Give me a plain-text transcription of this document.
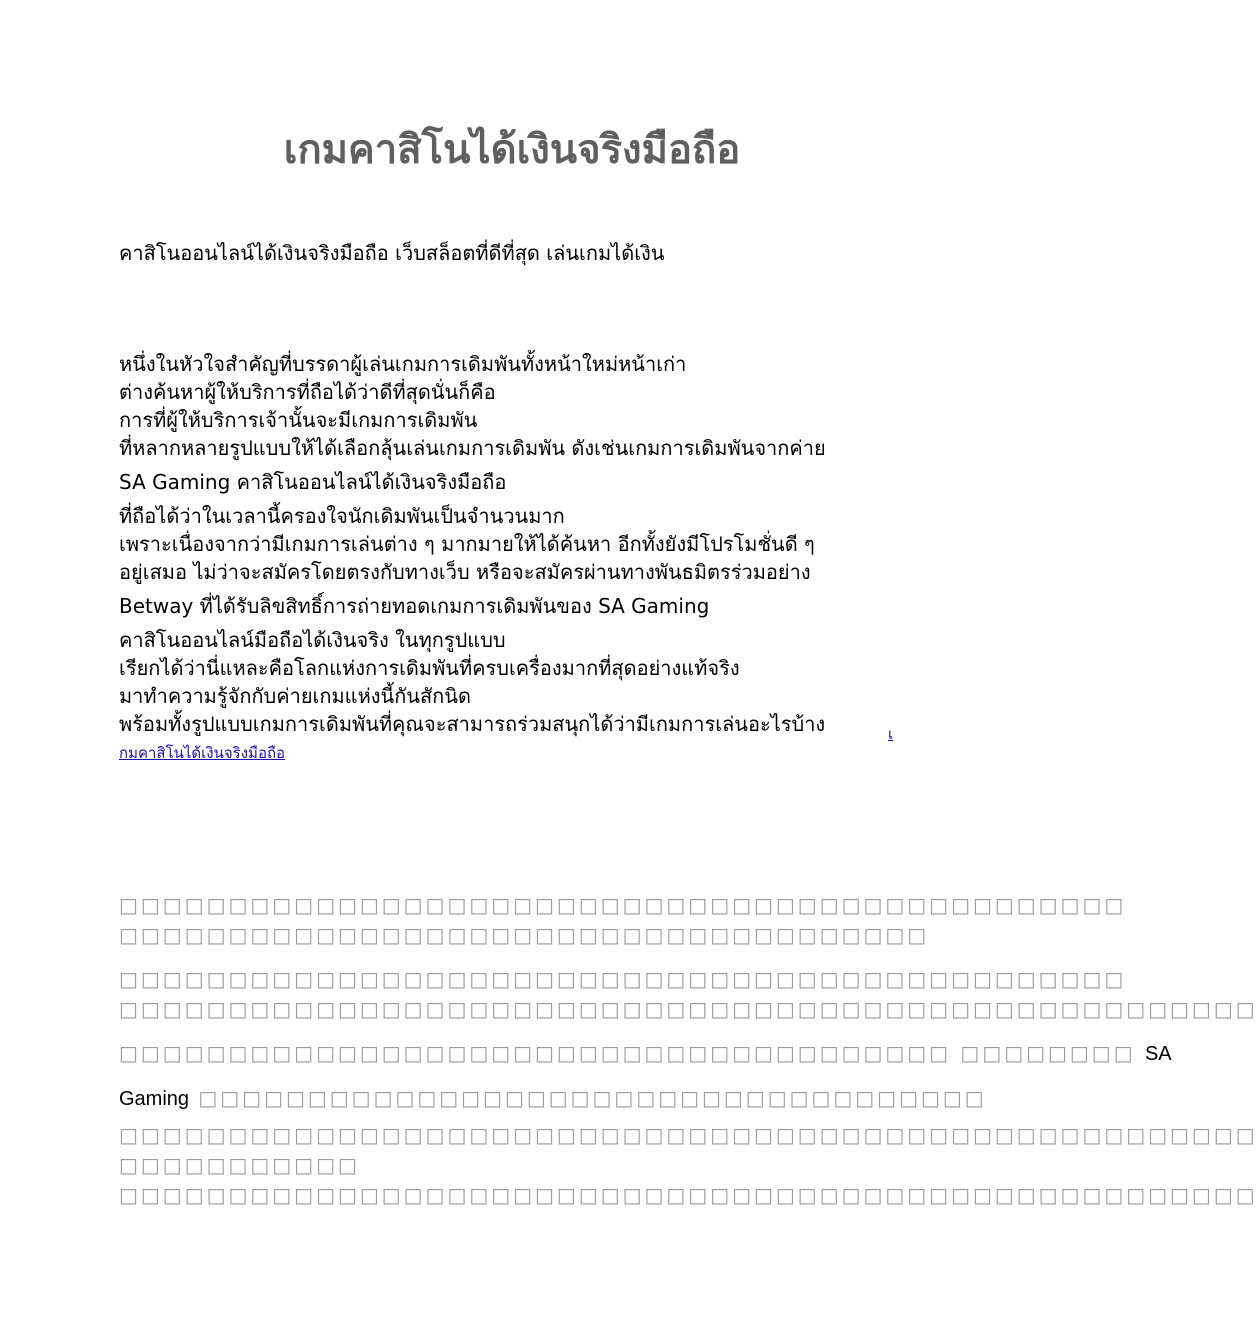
เกมคาสิโนได้เงินจริงมือถือ

คาสิโนออนไลน์ได้เงินจริงมือถือ เว็บสล็อตที่ดีที่สุด เล่นเกมได้เงิน

หนึ่งในหัวใจสำคัญที่บรรดาผู้เล่นเกมการเดิมพันทั้งหน้าใหม่หน้าเก่า
ต่างค้นหาผู้ให้บริการที่ถือได้ว่าดีที่สุดนั่นก็คือ
การที่ผู้ให้บริการเจ้านั้นจะมีเกมการเดิมพัน
ที่หลากหลายรูปแบบให้ได้เลือกลุ้นเล่นเกมการเดิมพัน ดังเช่นเกมการเดิมพันจากค่าย
SA Gaming คาสิโนออนไลน์ได้เงินจริงมือถือ
ที่ถือได้ว่าในเวลานี้ครองใจนักเดิมพันเป็นจำนวนมาก
เพราะเนื่องจากว่ามีเกมการเล่นต่าง ๆ มากมายให้ได้ค้นหา อีกทั้งยังมีโปรโมชั่นดี ๆ
อยู่เสมอ ไม่ว่าจะสมัครโดยตรงกับทางเว็บ หรือจะสมัครผ่านทางพันธมิตรร่วมอย่าง
Betway ที่ได้รับลิขสิทธิ์การถ่ายทอดเกมการเดิมพันของ SA Gaming
คาสิโนออนไลน์มือถือได้เงินจริง ในทุกรูปแบบ
เรียกได้ว่านี่แหละคือโลกแห่งการเดิมพันที่ครบเครื่องมากที่สุดอย่างแท้จริง
มาทำความรู้จักกับค่ายเกมแห่งนี้กันสักนิด
พร้อมทั้งรูปแบบเกมการเดิมพันที่คุณจะสามารถร่วมสนุกได้ว่ามีเกมการเล่นอะไรบ้าง	เ
กมคาสิโนได้เงินจริงมือถือ
□□□□□□□□□□□□□□□□□□□□□□□□□□□□□□□□□□□□□□□□□□□□□□
□□□□□□□□□□□□□□□□□□□□□□□□□□□□□□□□□□□□□
□□□□□□□□□□□□□□□□□□□□□□□□□□□□□□□□□□□□□□□□□□□□□□
□□□□□□□□□□□□□□□□□□□□□□□□□□□□□□□□□□□□□□□□□□□□□□□□□□□□
□□□□□□□□□□□□□□□□□□□□□□□□□□□□□□□□□□□□□□ □□□□□□□□ SA
Gaming □□□□□□□□□□□□□□□□□□□□□□□□□□□□□□□□□□□□
□□□□□□□□□□□□□□□□□□□□□□□□□□□□□□□□□□□□□□□□□□□□□□□□□□□□
□□□□□□□□□□□
□□□□□□□□□□□□□□□□□□□□□□□□□□□□□□□□□□□□□□□□□□□□□□□□□□□□
